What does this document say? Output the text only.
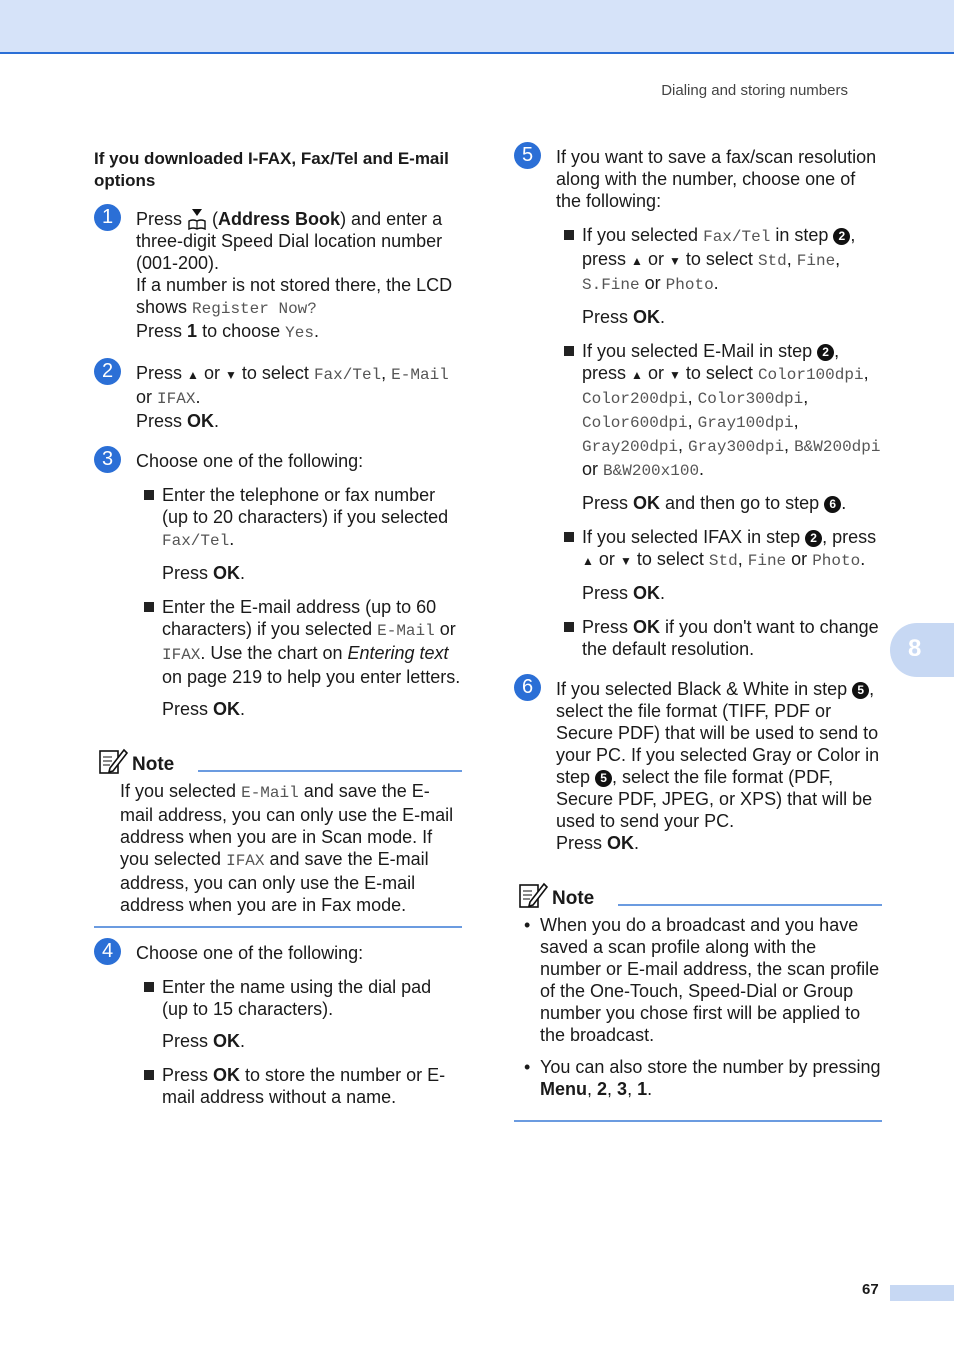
Dialing and storing numbers
8
If you downloaded I-FAX, Fax/Tel and E-mail options
1	Press  (Address Book) and enter a three-digit Speed Dial location number (001-200).
If a number is not stored there, the LCD shows Register Now?
Press 1 to choose Yes.
2	Press ▲ or ▼ to select Fax/Tel, E-Mail
or IFAX.
Press OK.
3	Choose one of the following:
Enter the telephone or fax number (up to 20 characters) if you selected Fax/Tel.
Press OK.
Enter the E-mail address (up to 60 characters) if you selected E-Mail or IFAX. Use the chart on Entering text on page 219 to help you enter letters.
Press OK.
Note
If you selected E-Mail and save the E-mail address, you can only use the E-mail address when you are in Scan mode. If you selected IFAX and save the E-mail address, you can only use the E-mail address when you are in Fax mode.
4	Choose one of the following:
Enter the name using the dial pad (up to 15 characters).
Press OK.
Press OK to store the number or E-mail address without a name.
5	If you want to save a fax/scan resolution along with the number, choose one of the following:
If you selected Fax/Tel in step 2 , press ▲ or ▼ to select Std, Fine, S.Fine or Photo.
Press OK.
If you selected E-Mail in step 2 , press ▲ or ▼ to select Color100dpi, Color200dpi, Color300dpi, Color600dpi, Gray100dpi, Gray200dpi, Gray300dpi, B&W200dpi or B&W200x100.
Press OK and then go to step 6 .
If you selected IFAX in step 2 , press ▲ or ▼ to select Std, Fine or Photo.
Press OK.
Press OK if you don't want to change the default resolution.
6	If you selected Black & White in step 5 , select the file format (TIFF, PDF or Secure PDF) that will be used to send to your PC. If you selected Gray or Color in step 5 , select the file format (PDF, Secure PDF, JPEG, or XPS) that will be used to send your PC.
Press OK.
Note
• When you do a broadcast and you have saved a scan profile along with the number or E-mail address, the scan profile of the One-Touch, Speed-Dial or Group number you chose first will be applied to the broadcast.
• You can also store the number by pressing Menu, 2, 3, 1.
67
